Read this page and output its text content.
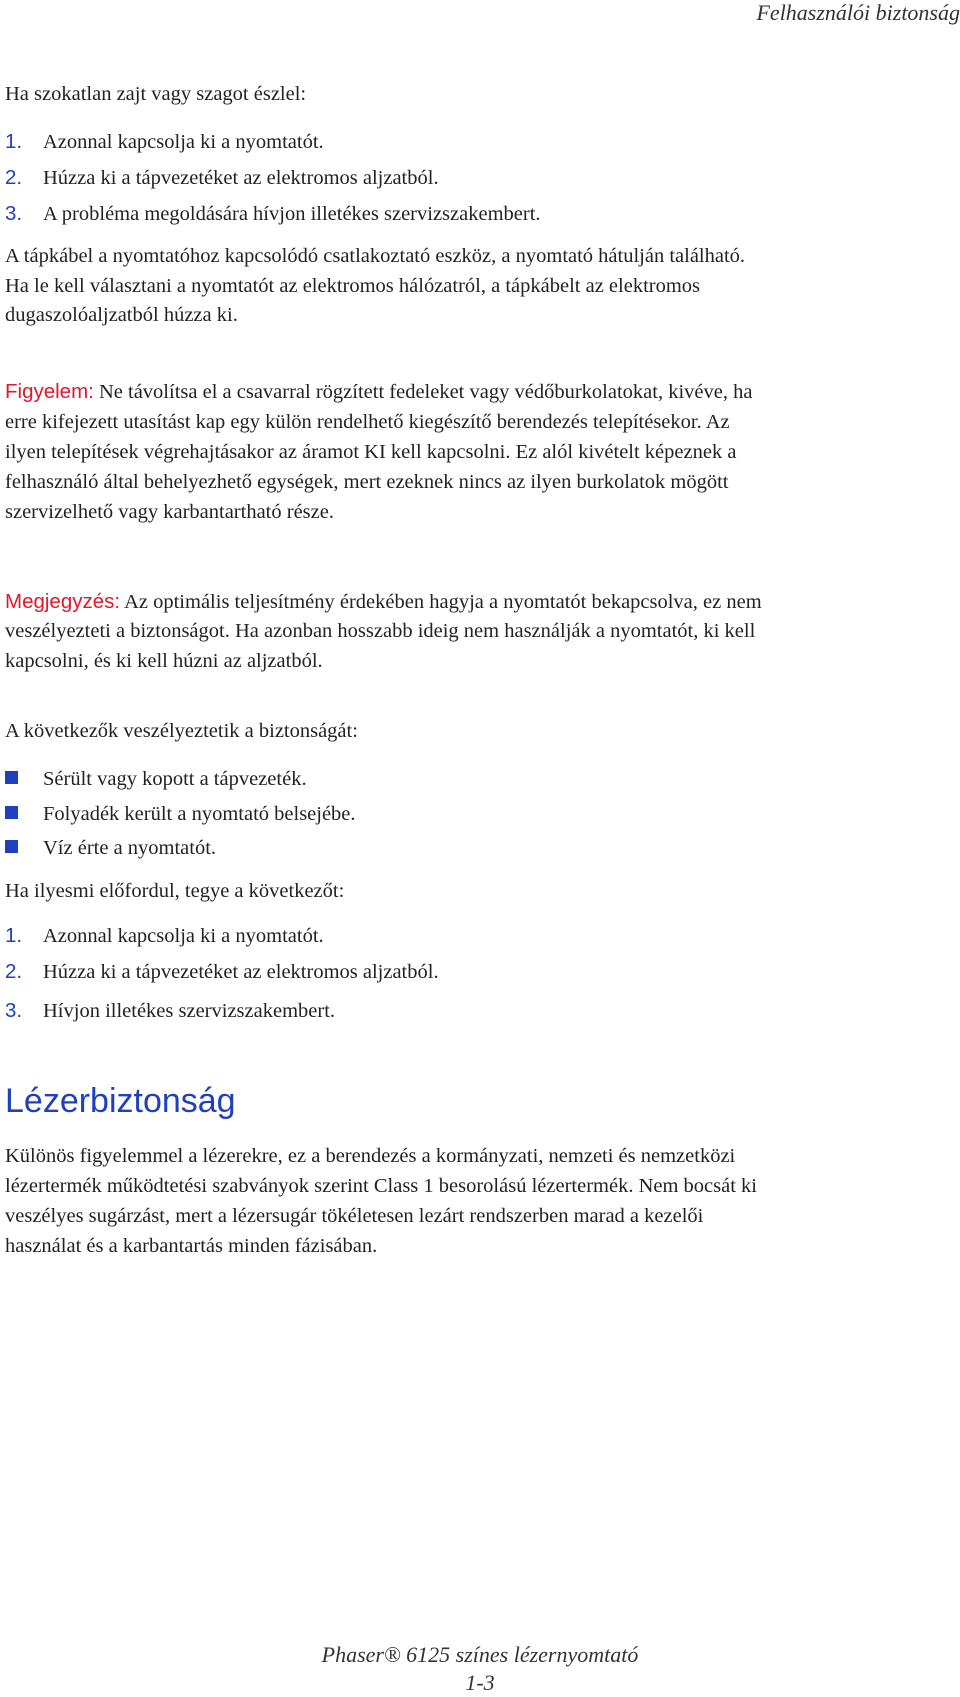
Felhasználói biztonság
Ha szokatlan zajt vagy szagot észlel:
1. Azonnal kapcsolja ki a nyomtatót.
2. Húzza ki a tápvezetéket az elektromos aljzatból.
3. A probléma megoldására hívjon illetékes szervizszakembert.
A tápkábel a nyomtatóhoz kapcsolódó csatlakoztató eszköz, a nyomtató hátulján található.
Ha le kell választani a nyomtatót az elektromos hálózatról, a tápkábelt az elektromos
dugaszolóaljzatból húzza ki.
Figyelem: Ne távolítsa el a csavarral rögzített fedeleket vagy védőburkolatokat, kivéve, ha
erre kifejezett utasítást kap egy külön rendelhető kiegészítő berendezés telepítésekor. Az
ilyen telepítések végrehajtásakor az áramot KI kell kapcsolni. Ez alól kivételt képeznek a
felhasználó által behelyezhető egységek, mert ezeknek nincs az ilyen burkolatok mögött
szervizelhető vagy karbantartható része.
Megjegyzés: Az optimális teljesítmény érdekében hagyja a nyomtatót bekapcsolva, ez nem
veszélyezteti a biztonságot. Ha azonban hosszabb ideig nem használják a nyomtatót, ki kell
kapcsolni, és ki kell húzni az aljzatból.
A következők veszélyeztetik a biztonságát:
Sérült vagy kopott a tápvezeték.
Folyadék került a nyomtató belsejébe.
Víz érte a nyomtatót.
Ha ilyesmi előfordul, tegye a következőt:
1. Azonnal kapcsolja ki a nyomtatót.
2. Húzza ki a tápvezetéket az elektromos aljzatból.
3. Hívjon illetékes szervizszakembert.
Lézerbiztonság
Különös figyelemmel a lézerekre, ez a berendezés a kormányzati, nemzeti és nemzetközi
lézertermék működtetési szabványok szerint Class 1 besorolású lézertermék. Nem bocsát ki
veszélyes sugárzást, mert a lézersugár tökéletesen lezárt rendszerben marad a kezelői
használat és a karbantartás minden fázisában.
Phaser® 6125 színes lézernyomtató
1-3
